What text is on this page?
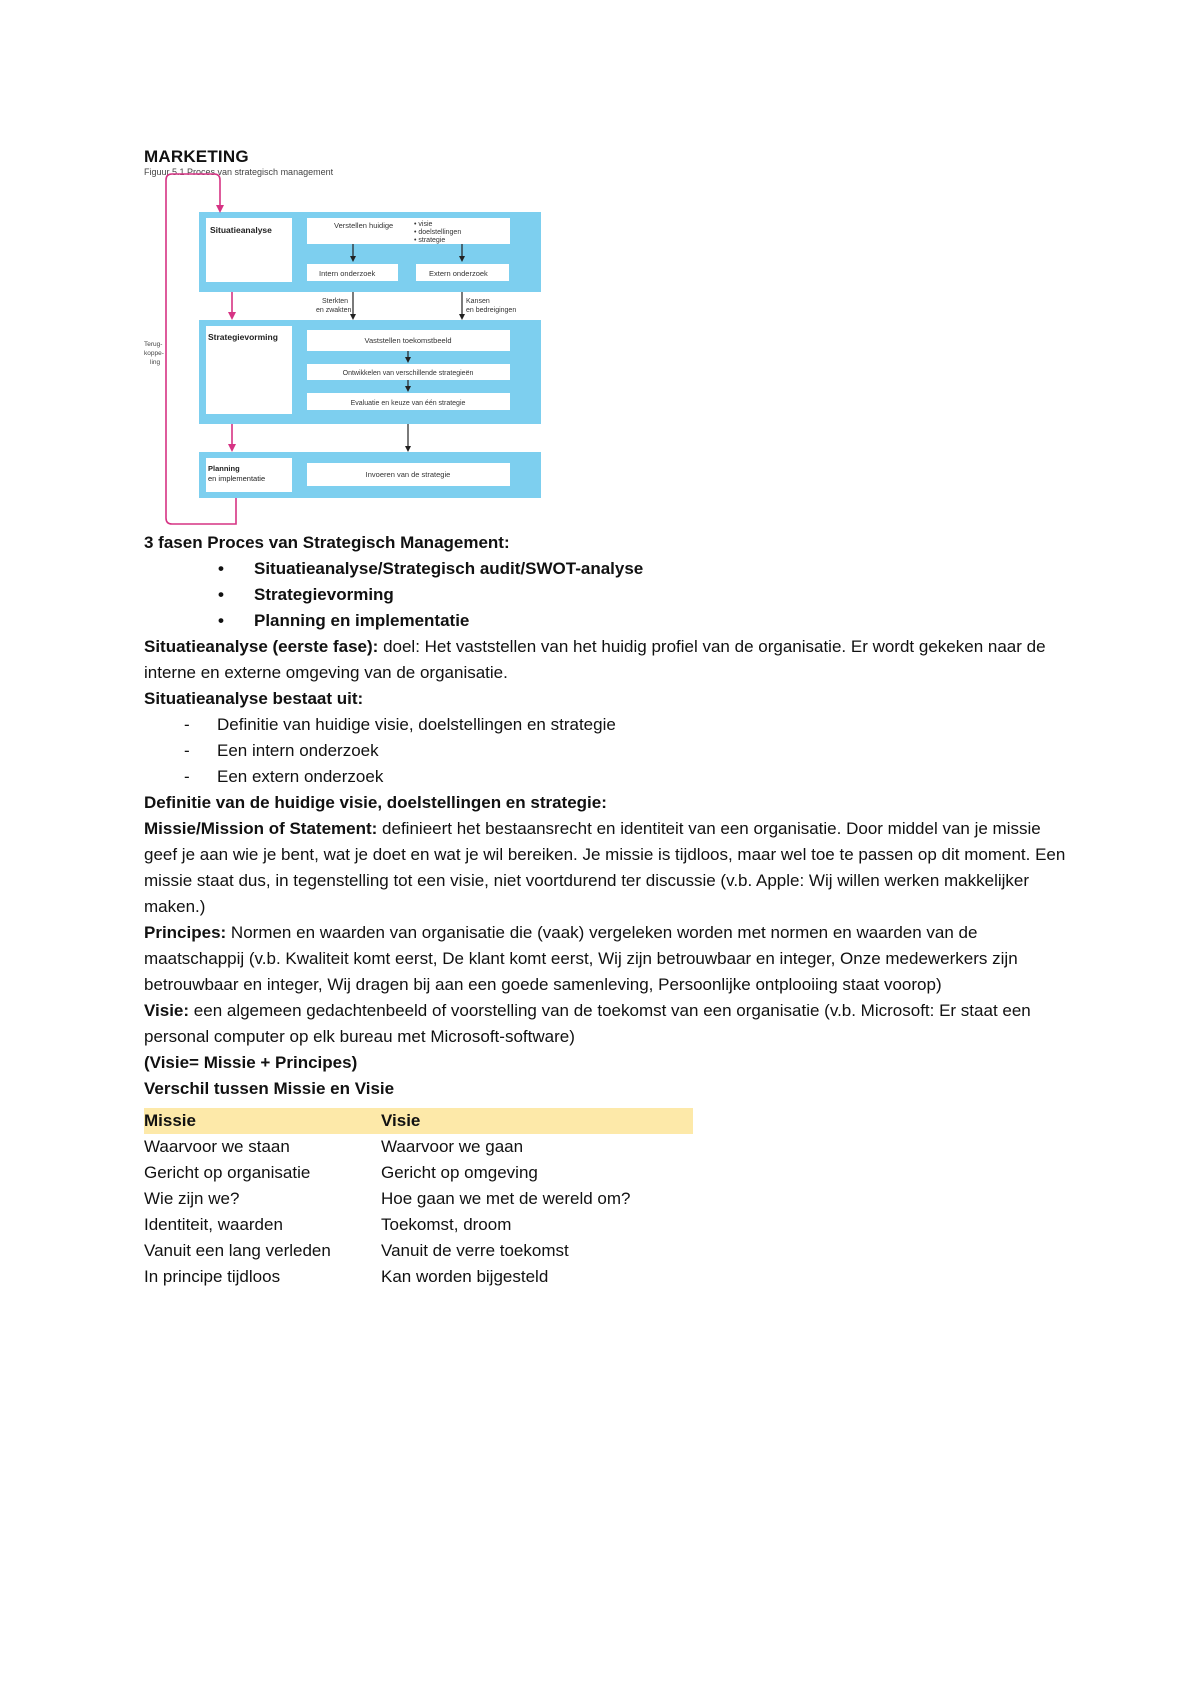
MARKETING
Figuur 5.1 Proces van strategisch management
Situatieanalyse	Verstellen huidige	• visie
• doelstellingen
• strategie
Intern onderzoek	Extern onderzoek
Sterkten
en zwakten
Kansen
en bedreigingen
Strategievorming	Vaststellen toekomstbeeld
Ontwikkelen van verschillende strategieën
Evaluatie en keuze van één strategie
Planning
en implementatie	Invoeren van de strategie
Terug-
koppe-
ling

3 fasen Proces van Strategisch Management:

• Situatieanalyse/Strategisch audit/SWOT-analyse
• Strategievorming
• Planning en implementatie

Situatieanalyse (eerste fase): doel: Het vaststellen van het huidig profiel van de organisatie. Er wordt gekeken naar de interne en externe omgeving van de organisatie.

Situatieanalyse bestaat uit:

- Definitie van huidige visie, doelstellingen en strategie
- Een intern onderzoek
- Een extern onderzoek

Definitie van de huidige visie, doelstellingen en strategie:

Missie/Mission of Statement: definieert het bestaansrecht en identiteit van een organisatie. Door middel van je missie geef je aan wie je bent, wat je doet en wat je wil bereiken. Je missie is tijdloos, maar wel toe te passen op dit moment. Een missie staat dus, in tegenstelling tot een visie, niet voortdurend ter discussie (v.b. Apple: Wij willen werken makkelijker maken.)

Principes: Normen en waarden van organisatie die (vaak) vergeleken worden met normen en waarden van de maatschappij (v.b. Kwaliteit komt eerst, De klant komt eerst, Wij zijn betrouwbaar en integer, Onze medewerkers zijn betrouwbaar en integer, Wij dragen bij aan een goede samenleving, Persoonlijke ontplooiing staat voorop)

Visie: een algemeen gedachtenbeeld of voorstelling van de toekomst van een organisatie (v.b. Microsoft: Er staat een personal computer op elk bureau met Microsoft-software)

(Visie= Missie + Principes)

Verschil tussen Missie en Visie

Missie	Visie
Waarvoor we staan	Waarvoor we gaan
Gericht op organisatie	Gericht op omgeving
Wie zijn we?	Hoe gaan we met de wereld om?
Identiteit, waarden	Toekomst, droom
Vanuit een lang verleden	Vanuit de verre toekomst
In principe tijdloos	Kan worden bijgesteld
